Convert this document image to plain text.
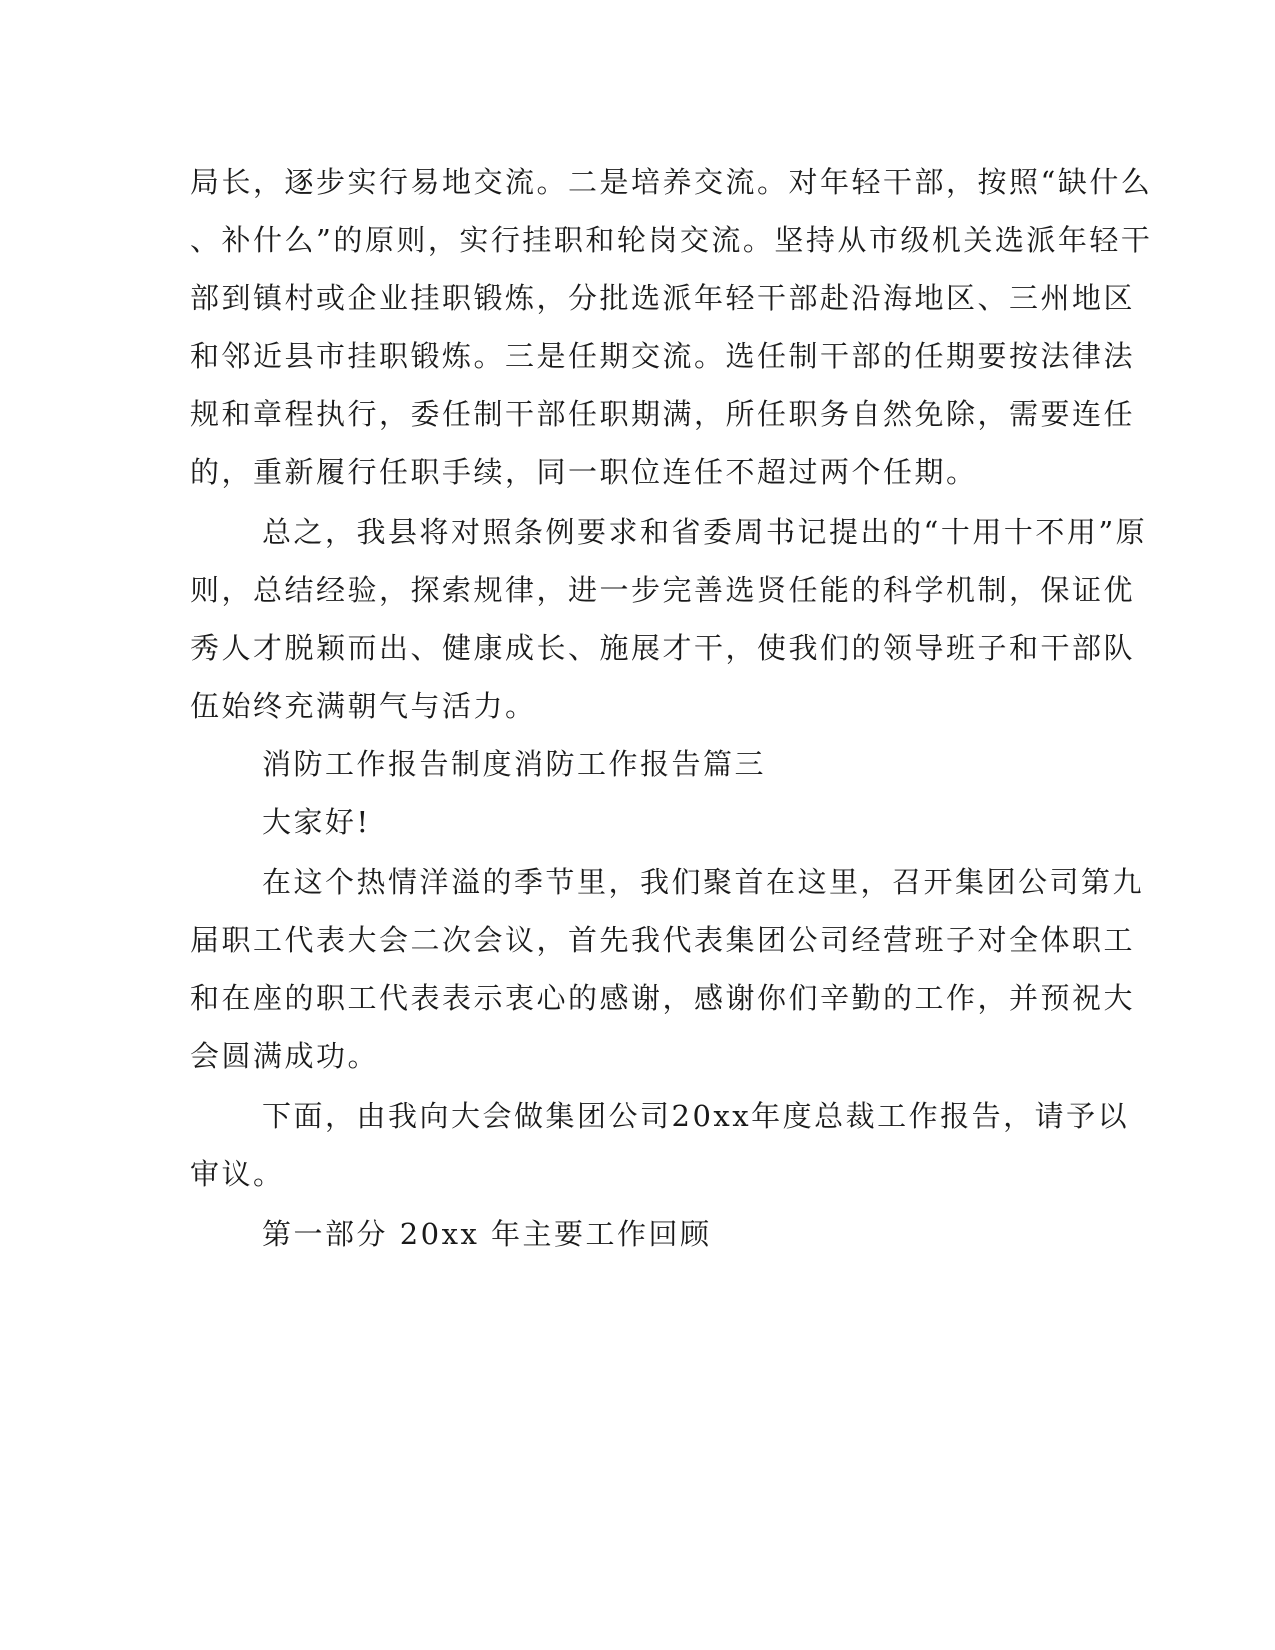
局长，逐步实行易地交流。二是培养交流。对年轻干部，按照“缺什么
、补什么”的原则，实行挂职和轮岗交流。坚持从市级机关选派年轻干
部到镇村或企业挂职锻炼，分批选派年轻干部赴沿海地区、三州地区
和邻近县市挂职锻炼。三是任期交流。选任制干部的任期要按法律法
规和章程执行，委任制干部任职期满，所任职务自然免除，需要连任
的，重新履行任职手续，同一职位连任不超过两个任期。
总之，我县将对照条例要求和省委周书记提出的“十用十不用”原
则，总结经验，探索规律，进一步完善选贤任能的科学机制，保证优
秀人才脱颖而出、健康成长、施展才干，使我们的领导班子和干部队
伍始终充满朝气与活力。
消防工作报告制度消防工作报告篇三
大家好!
在这个热情洋溢的季节里，我们聚首在这里，召开集团公司第九
届职工代表大会二次会议，首先我代表集团公司经营班子对全体职工
和在座的职工代表表示衷心的感谢，感谢你们辛勤的工作，并预祝大
会圆满成功。
下面，由我向大会做集团公司20xx年度总裁工作报告，请予以
审议。
第一部分 20xx 年主要工作回顾
